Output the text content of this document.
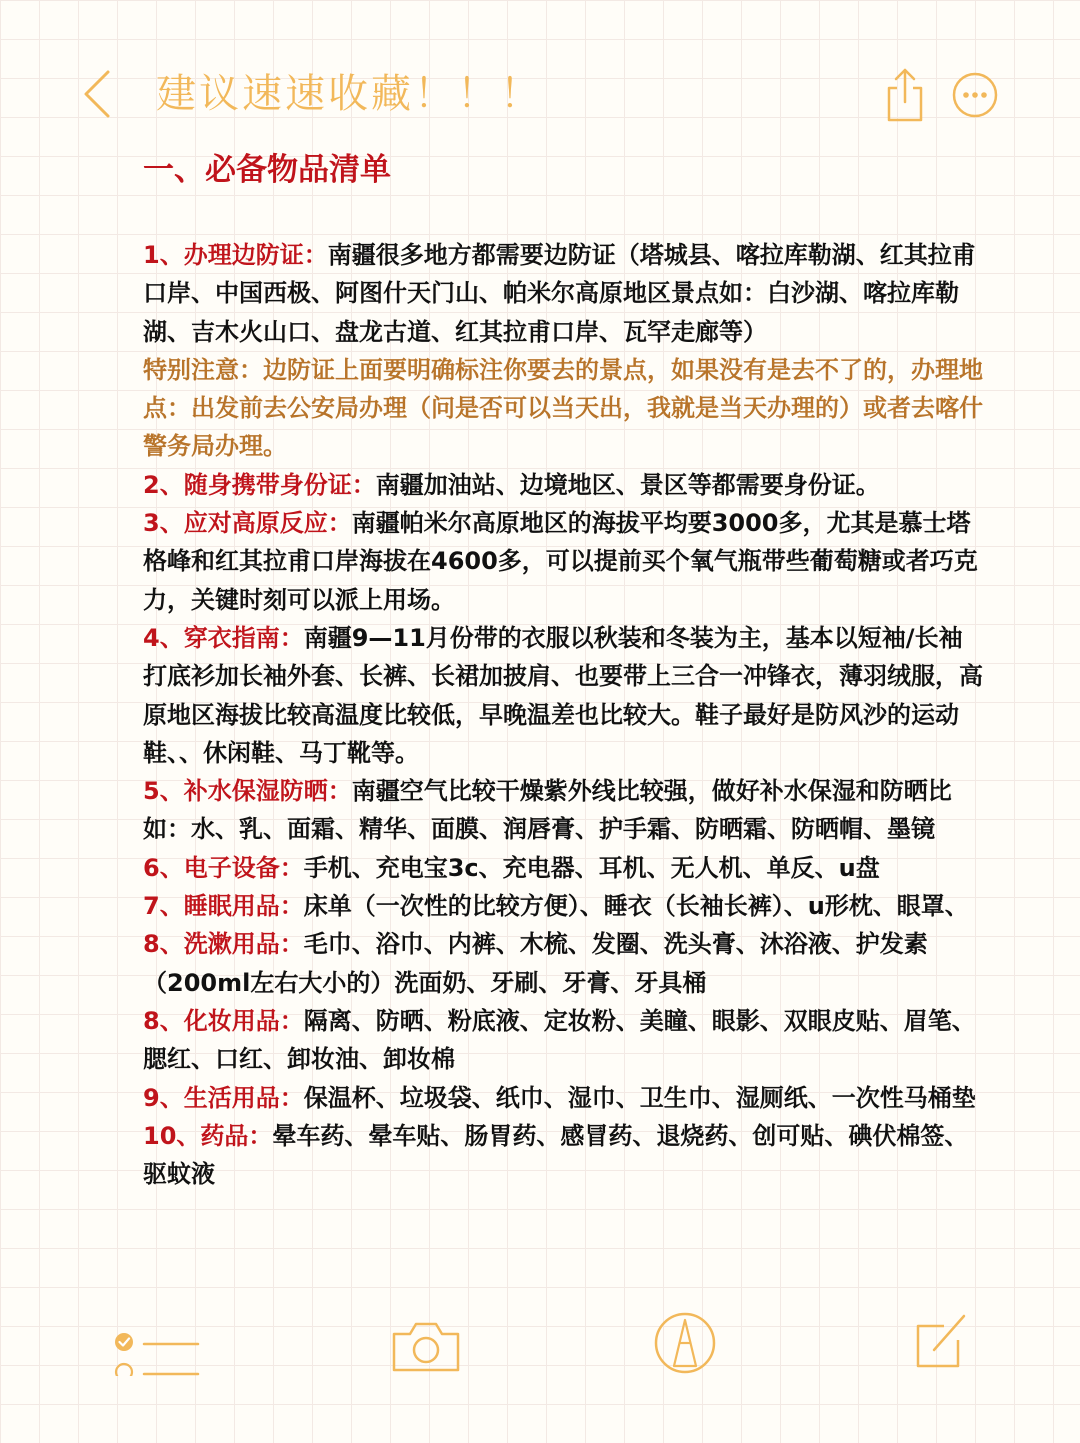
建议速速收藏！！！
一、必备物品清单

1、办理边防证：南疆很多地方都需要边防证（塔城县、喀拉库勒湖、红其拉甫口岸、中国西极、阿图什天门山、帕米尔高原地区景点如：白沙湖、喀拉库勒湖、吉木火山口、盘龙古道、红其拉甫口岸、瓦罕走廊等）

特别注意：边防证上面要明确标注你要去的景点，如果没有是去不了的，办理地点：出发前去公安局办理（问是否可以当天出，我就是当天办理的）或者去喀什警务局办理。

2、随身携带身份证：南疆加油站、边境地区、景区等都需要身份证。

3、应对高原反应：南疆帕米尔高原地区的海拔平均要3000多，尤其是慕士塔格峰和红其拉甫口岸海拔在4600多，可以提前买个氧气瓶带些葡萄糖或者巧克力，关键时刻可以派上用场。

4、穿衣指南：南疆9—11月份带的衣服以秋装和冬装为主，基本以短袖/长袖打底衫加长袖外套、长裤、长裙加披肩、也要带上三合一冲锋衣，薄羽绒服，高原地区海拔比较高温度比较低，早晚温差也比较大。鞋子最好是防风沙的运动鞋、、休闲鞋、马丁靴等。

5、补水保湿防晒：南疆空气比较干燥紫外线比较强，做好补水保湿和防晒比如：水、乳、面霜、精华、面膜、润唇膏、护手霜、防晒霜、防晒帽、墨镜

6、电子设备：手机、充电宝3c、充电器、耳机、无人机、单反、u盘

7、睡眠用品：床单（一次性的比较方便）、睡衣（长袖长裤）、u形枕、眼罩、

8、洗漱用品：毛巾、浴巾、内裤、木梳、发圈、洗头膏、沐浴液、护发素（200ml左右大小的）洗面奶、牙刷、牙膏、牙具桶

8、化妆用品：隔离、防晒、粉底液、定妆粉、美瞳、眼影、双眼皮贴、眉笔、腮红、口红、卸妆油、卸妆棉

9、生活用品：保温杯、垃圾袋、纸巾、湿巾、卫生巾、湿厕纸、一次性马桶垫

10、药品：晕车药、晕车贴、肠胃药、感冒药、退烧药、创可贴、碘伏棉签、驱蚊液
